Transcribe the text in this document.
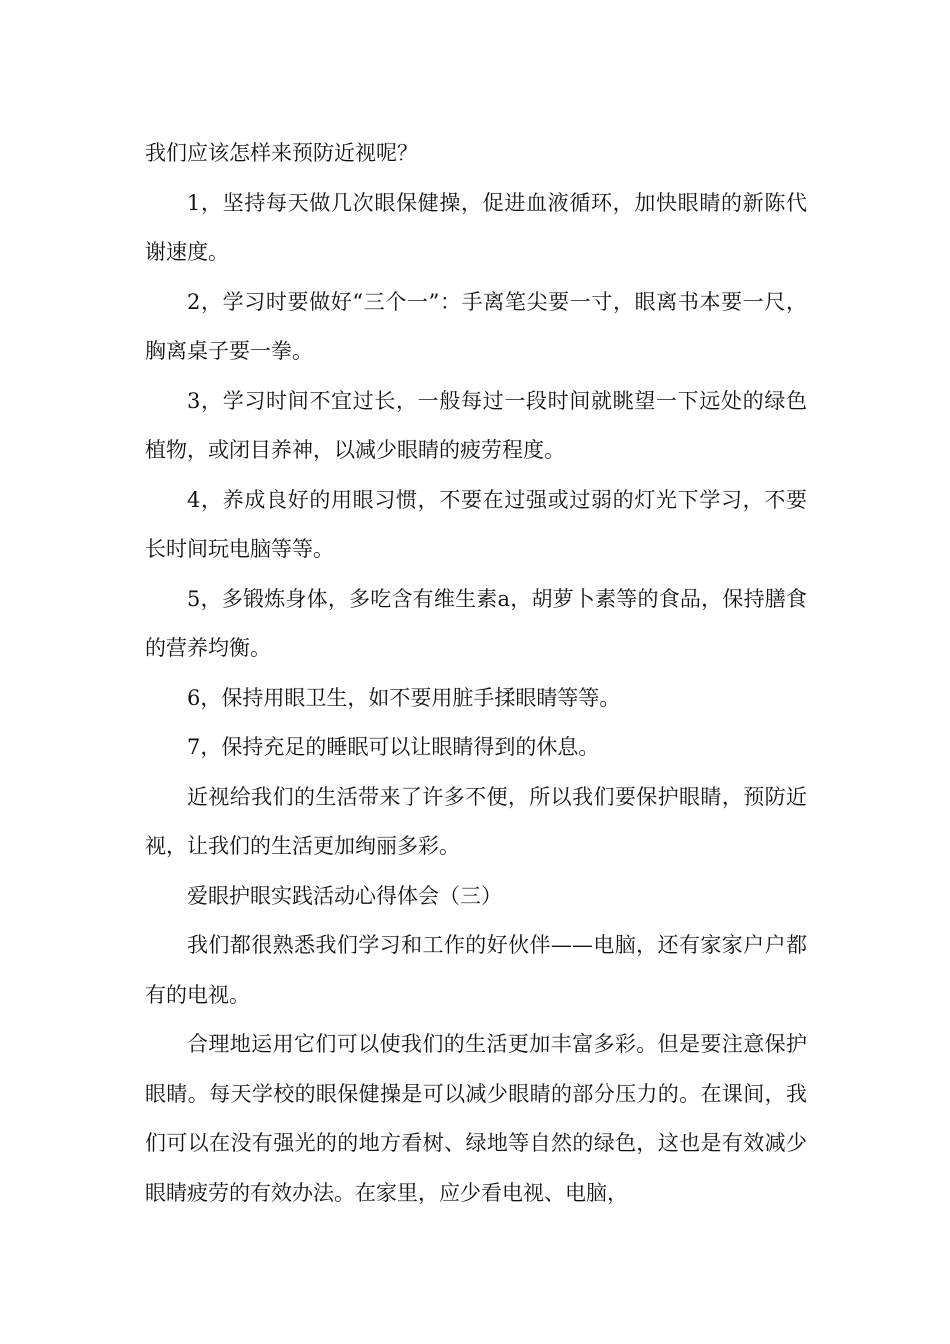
我们应该怎样来预防近视呢？

1，坚持每天做几次眼保健操，促进血液循环，加快眼睛的新陈代谢速度。

2，学习时要做好“三个一”：手离笔尖要一寸，眼离书本要一尺，胸离桌子要一拳。

3，学习时间不宜过长，一般每过一段时间就眺望一下远处的绿色植物，或闭目养神，以减少眼睛的疲劳程度。

4，养成良好的用眼习惯，不要在过强或过弱的灯光下学习，不要长时间玩电脑等等。

5，多锻炼身体，多吃含有维生素a，胡萝卜素等的食品，保持膳食的营养均衡。

6，保持用眼卫生，如不要用脏手揉眼睛等等。

7，保持充足的睡眠可以让眼睛得到的休息。

近视给我们的生活带来了许多不便，所以我们要保护眼睛，预防近视，让我们的生活更加绚丽多彩。

爱眼护眼实践活动心得体会（三）

我们都很熟悉我们学习和工作的好伙伴——电脑，还有家家户户都有的电视。

合理地运用它们可以使我们的生活更加丰富多彩。但是要注意保护眼睛。每天学校的眼保健操是可以减少眼睛的部分压力的。在课间，我们可以在没有强光的的地方看树、绿地等自然的绿色，这也是有效减少眼睛疲劳的有效办法。在家里，应少看电视、电脑，
